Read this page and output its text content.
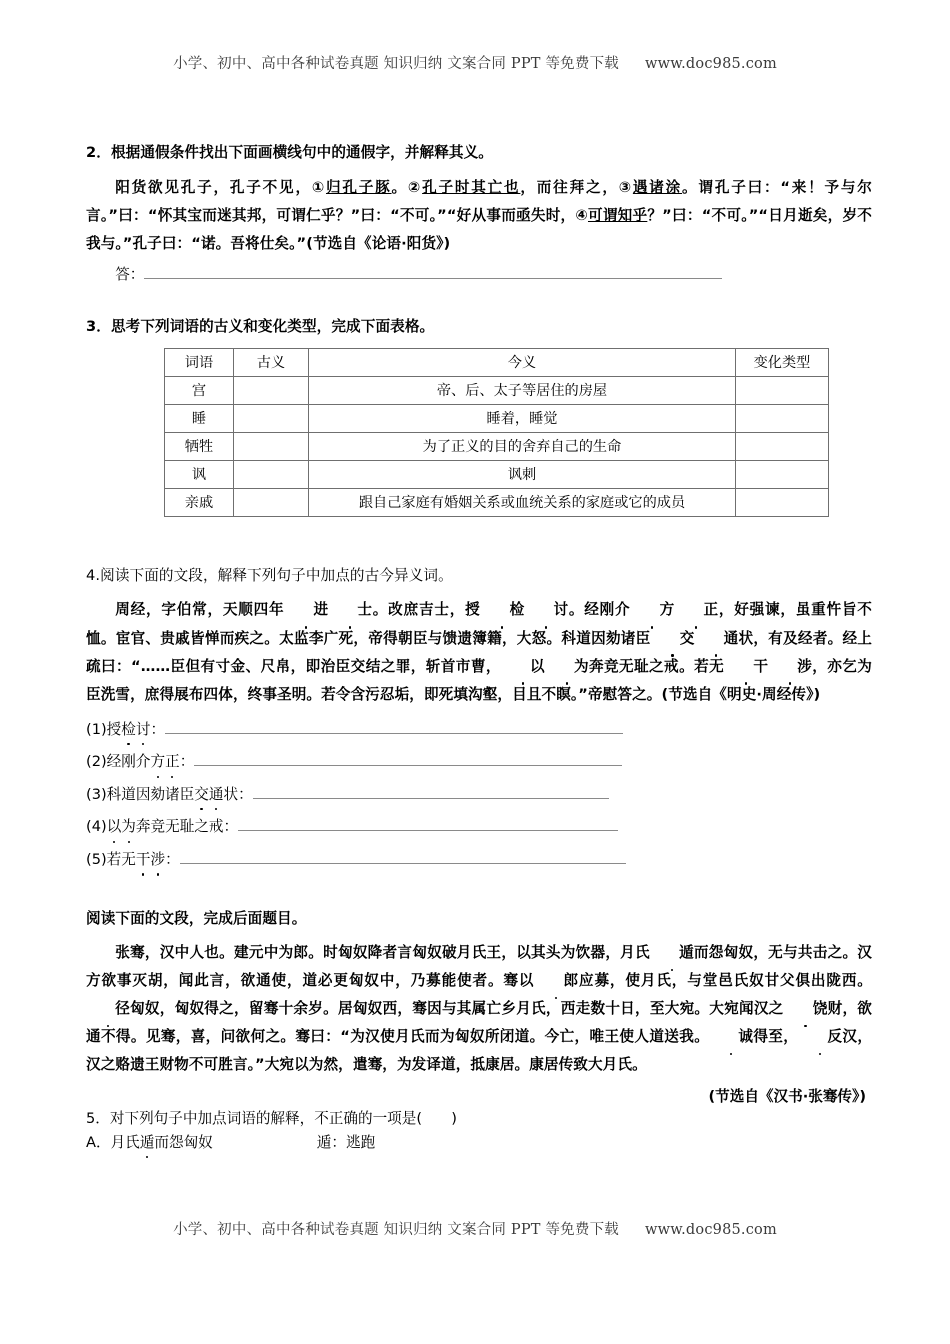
小学、初中、高中各种试卷真题 知识归纳 文案合同 PPT 等免费下载 www.doc985.com

2．根据通假条件找出下面画横线句中的通假字，并解释其义。

阳货欲见孔子，孔子不见，①归孔子豚。②孔子时其亡也，而往拜之，③遇诸涂。谓孔子曰：“来！予与尔言。”曰：“怀其宝而迷其邦，可谓仁乎？”曰：“不可。”“好从事而亟失时，④可谓知乎？”曰：“不可。”“日月逝矣，岁不我与。”孔子曰：“诺。吾将仕矣。”(节选自《论语·阳货》)

答：

3．思考下列词语的古义和变化类型，完成下面表格。

词语	古义	今义	变化类型
宫		帝、后、太子等居住的房屋	
睡		睡着，睡觉	
牺牲		为了正义的目的舍弃自己的生命	
讽		讽刺	
亲戚		跟自己家庭有婚姻关系或血统关系的家庭或它的成员	

4.阅读下面的文段，解释下列句子中加点的古今异义词。

周经，字伯常，天顺四年 进 士。改庶吉士，授 检 讨。经刚介 方 正，好强谏，虽重忤旨不恤。宦官、贵戚皆惮而疾之。太监李广死，帝得朝臣与馈遗簿籍，大怒。科道因劾诸臣 交 通状，有及经者。经上疏曰：“……臣但有寸金、尺帛，即治臣交结之罪，斩首市曹， 以 为奔竞无耻之戒。若无 干 涉，亦乞为臣洗雪，庶得展布四体，终事圣明。若令含污忍垢，即死填沟壑，目且不瞑。”帝慰答之。(节选自《明史·周经传》)

(1)授检讨：

(2)经刚介方正：

(3)科道因劾诸臣交通状：

(4)以为奔竞无耻之戒：

(5)若无干涉：

阅读下面的文段，完成后面题目。

张骞，汉中人也。建元中为郎。时匈奴降者言匈奴破月氏王，以其头为饮器，月氏 遁而怨匈奴，无与共击之。汉方欲事灭胡，闻此言，欲通使，道必更匈奴中，乃募能使者。骞以 郎应募，使月氏，与堂邑氏奴甘父俱出陇西。径匈奴，匈奴得之，留骞十余岁。居匈奴西，骞因与其属亡乡月氏，西走数十日，至大宛。大宛闻汉之 饶财，欲通不得。见骞，喜，问欲何之。骞曰：“为汉使月氏而为匈奴所闭道。今亡，唯王使人道送我。 诚得至， 反汉，汉之赂遗王财物不可胜言。”大宛以为然，遣骞，为发译道，抵康居。康居传致大月氏。

(节选自《汉书·张骞传》)

5．对下列句子中加点词语的解释，不正确的一项是(　　)

A．月氏遁而怨匈奴	遁：逃跑

小学、初中、高中各种试卷真题 知识归纳 文案合同 PPT 等免费下载 www.doc985.com
